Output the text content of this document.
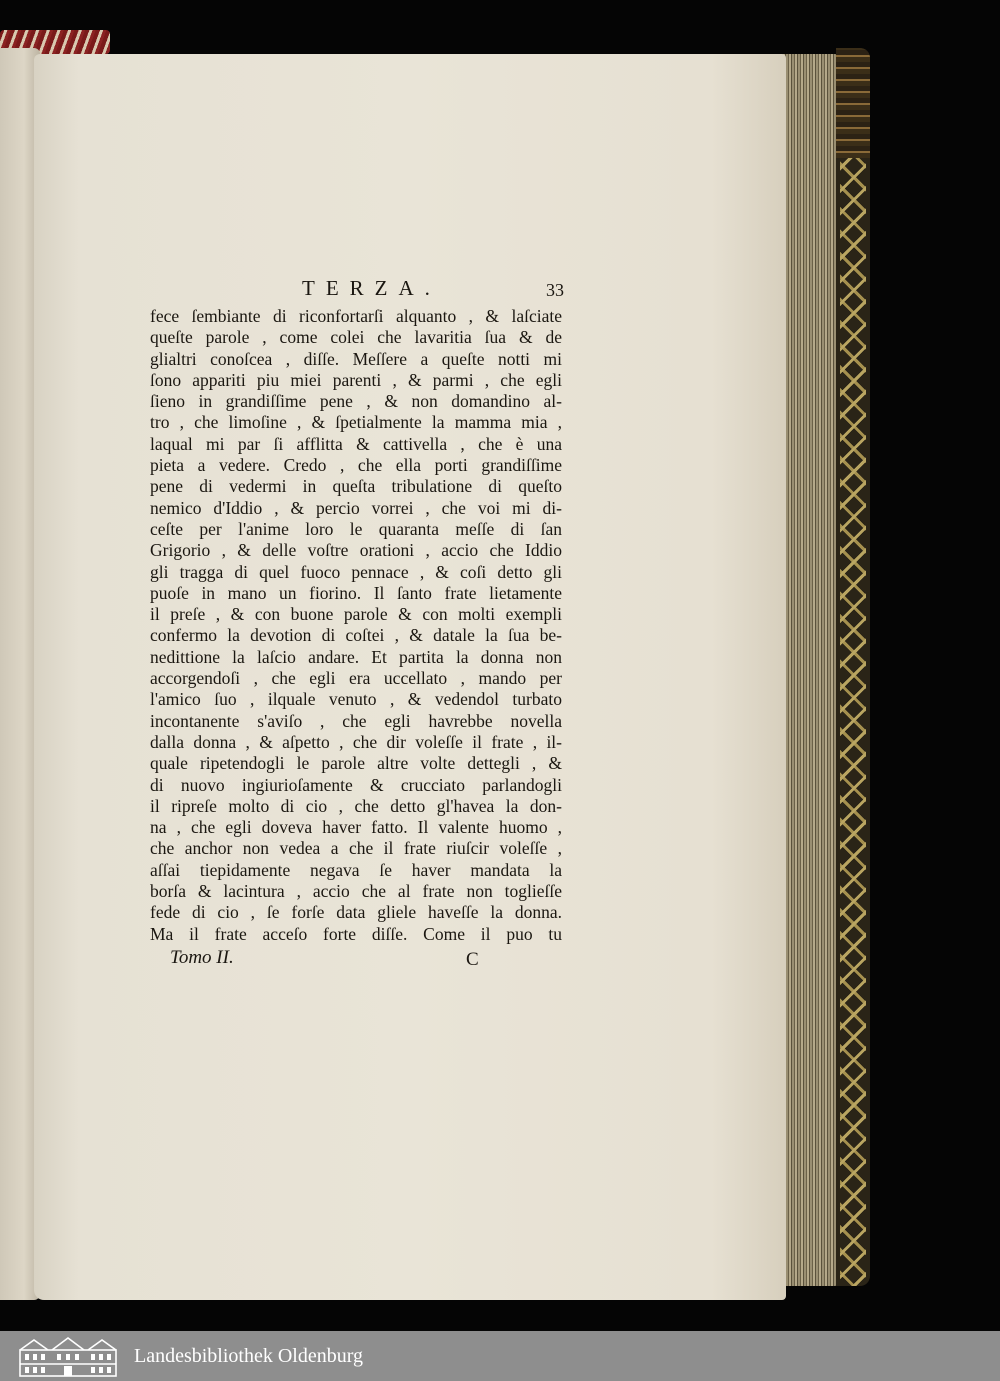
TERZA.	33
fece ſembiante di riconfortarſi alquanto , & laſciate
queſte parole , come colei che lavaritia ſua & de
glialtri conoſcea , diſſe. Meſſere a queſte notti mi
ſono appariti piu miei parenti , & parmi , che egli
ſieno in grandiſſime pene , & non domandino al-
tro , che limoſine , & ſpetialmente la mamma mia ,
laqual mi par ſi afflitta & cattivella , che è una
pieta a vedere. Credo , che ella porti grandiſſime
pene di vedermi in queſta tribulatione di queſto
nemico d'Iddio , & percio vorrei , che voi mi di-
ceſte per l'anime loro le quaranta meſſe di ſan
Grigorio , & delle voſtre orationi , accio che Iddio
gli tragga di quel fuoco pennace , & coſi detto gli
puoſe in mano un fiorino. Il ſanto frate lietamente
il preſe , & con buone parole & con molti exempli
confermo la devotion di coſtei , & datale la ſua be-
nedittione la laſcio andare. Et partita la donna non
accorgendoſi , che egli era uccellato , mando per
l'amico ſuo , ilquale venuto , & vedendol turbato
incontanente s'aviſo , che egli havrebbe novella
dalla donna , & aſpetto , che dir voleſſe il frate , il-
quale ripetendogli le parole altre volte dettegli , &
di nuovo ingiurioſamente & crucciato parlandogli
il ripreſe molto di cio , che detto gl'havea la don-
na , che egli doveva haver fatto. Il valente huomo ,
che anchor non vedea a che il frate riuſcir voleſſe ,
aſſai tiepidamente negava ſe haver mandata la
borſa & lacintura , accio che al frate non toglieſſe
fede di cio , ſe forſe data gliele haveſſe la donna.
Ma il frate acceſo forte diſſe. Come il puo tu
Tomo II.	C
Landesbibliothek Oldenburg
